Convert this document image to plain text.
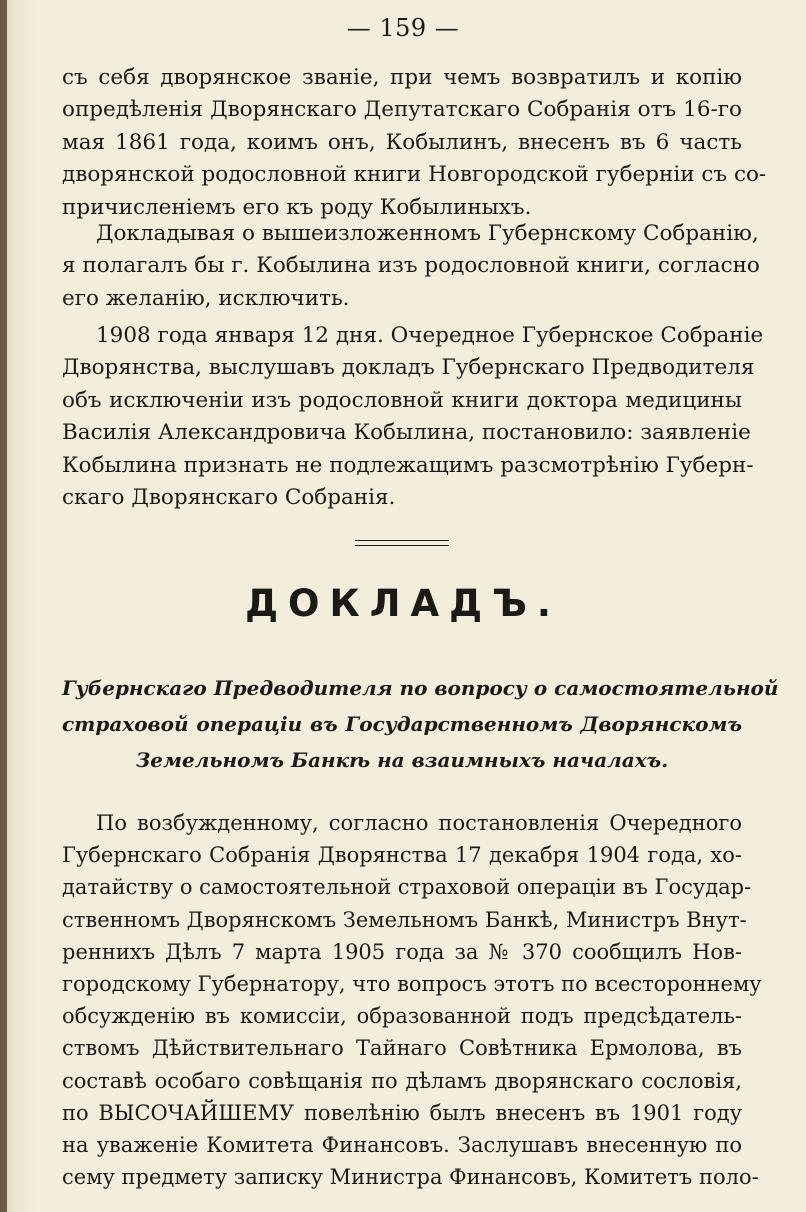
— 159 —
съ себя дворянское званіе, при чемъ возвратилъ и копію
опредѣленія Дворянскаго Депутатскаго Собранія отъ 16-го
мая 1861 года, коимъ онъ, Кобылинъ, внесенъ въ 6 часть
дворянской родословной книги Новгородской губерніи съ со-
причисленіемъ его къ роду Кобылиныхъ.
Докладывая о вышеизложенномъ Губернскому Собранію,
я полагалъ бы г. Кобылина изъ родословной книги, согласно
его желанію, исключить.
1908 года января 12 дня. Очередное Губернское Собраніе
Дворянства, выслушавъ докладъ Губернскаго Предводителя
объ исключеніи изъ родословной книги доктора медицины
Василія Александровича Кобылина, постановило: заявленіе
Кобылина признать не подлежащимъ разсмотрѣнію Губерн-
скаго Дворянскаго Собранія.
ДОКЛАДЪ.
Губернскаго Предводителя по вопросу о самостоятельной
страховой операціи въ Государственномъ Дворянскомъ
Земельномъ Банкѣ на взаимныхъ началахъ.
По возбужденному, согласно постановленія Очередного
Губернскаго Собранія Дворянства 17 декабря 1904 года, хо-
датайству о самостоятельной страховой операціи въ Государ-
ственномъ Дворянскомъ Земельномъ Банкѣ, Министръ Внут-
реннихъ Дѣлъ 7 марта 1905 года за № 370 сообщилъ Нов-
городскому Губернатору, что вопросъ этотъ по всестороннему
обсужденію въ комиссіи, образованной подъ предсѣдатель-
ствомъ Дѣйствительнаго Тайнаго Совѣтника Ермолова, въ
составѣ особаго совѣщанія по дѣламъ дворянскаго сословія,
по ВЫСОЧАЙШЕМУ повелѣнію былъ внесенъ въ 1901 году
на уваженіе Комитета Финансовъ. Заслушавъ внесенную по
сему предмету записку Министра Финансовъ, Комитетъ поло-
